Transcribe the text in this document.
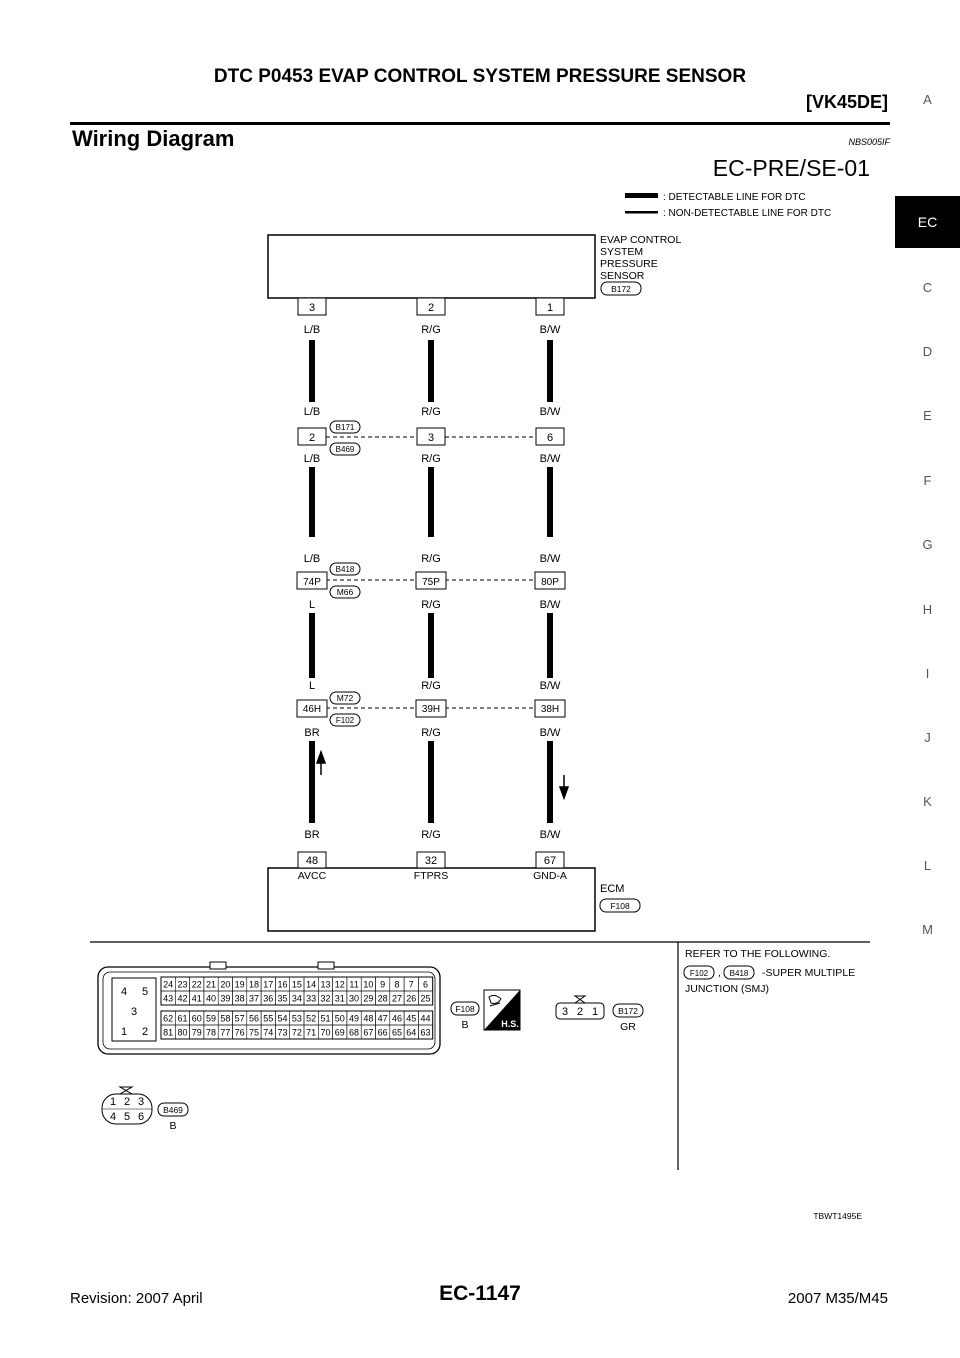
DTC P0453 EVAP CONTROL SYSTEM PRESSURE SENSOR
[VK45DE]
Wiring Diagram	NBS005IF
EC-PRE/SE-01
A
EC
C
D
E
F
G
H
I
J
K
L
M
: DETECTABLE LINE FOR DTC
: NON-DETECTABLE LINE FOR DTC
EVAP CONTROL
SYSTEM
PRESSURE
SENSOR
B172
3	2	1
L/B	R/G	B/W
L/B	R/G	B/W
2	3	6
B171
B469
L/B	R/G	B/W
L/B	R/G	B/W
74P	75P	80P
B418
M66
L	R/G	B/W
L	R/G	B/W
46H	39H	38H
M72
F102
BR	R/G	B/W
BR	R/G	B/W
48	32	67
AVCC	FTPRS	GND-A
ECM
F108
REFER TO THE FOLLOWING.
F102 , B418 -SUPER MULTIPLE
JUNCTION (SMJ)
4 5
3
1 2
24 23 22 21 20 19 18 17 16 15 14 13 12 11 10 9 8 7 6
43 42 41 40 39 38 37 36 35 34 33 32 31 30 29 28 27 26 25
62 61 60 59 58 57 56 55 54 53 52 51 50 49 48 47 46 45 44
81 80 79 78 77 76 75 74 73 72 71 70 69 68 67 66 65 64 63
F108
B	H.S.
3 2 1 B172
GR
1 2 3
4 5 6
B469
B
TBWT1495E
Revision: 2007 April	EC-1147	2007 M35/M45
